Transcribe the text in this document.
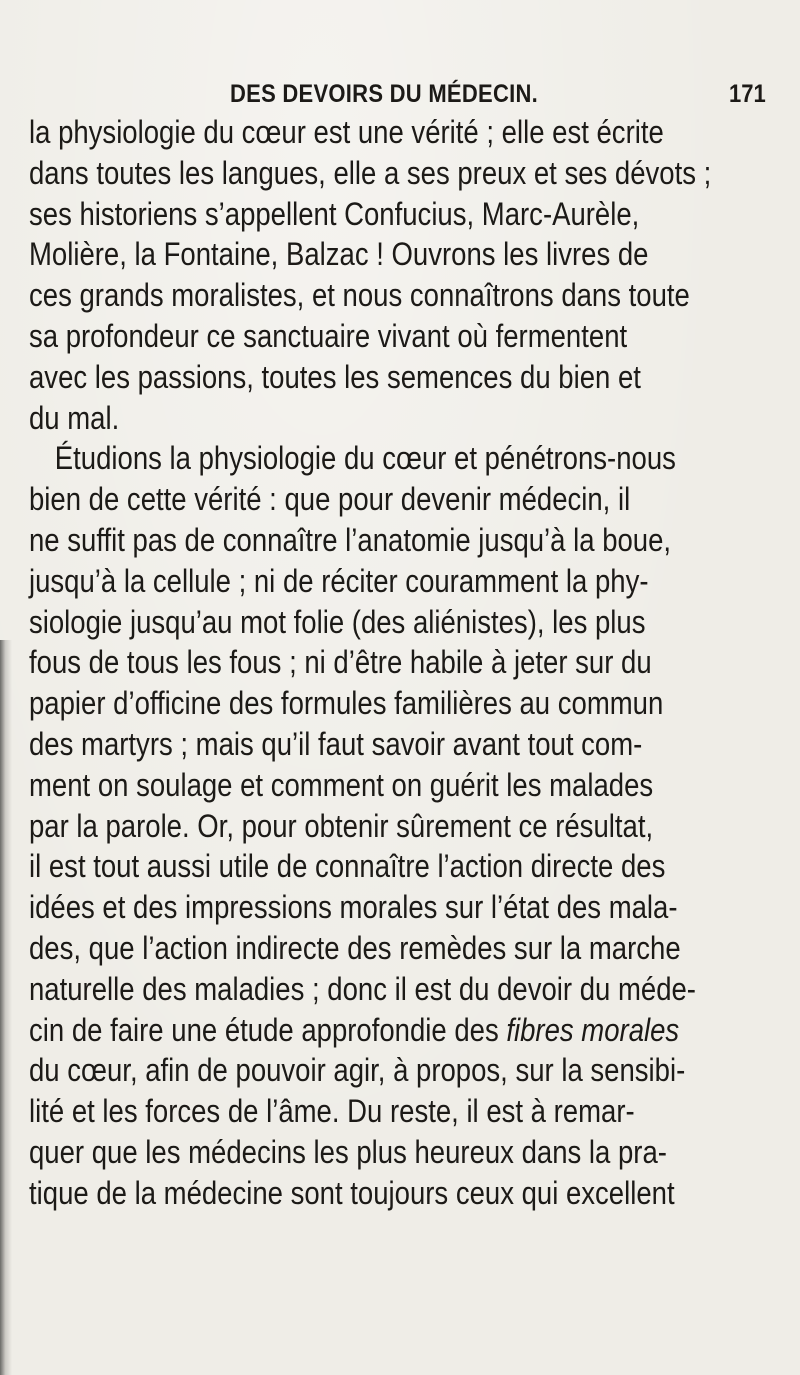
DES DEVOIRS DU MÉDECIN.	171
la physiologie du cœur est une vérité ; elle est écrite
dans toutes les langues, elle a ses preux et ses dévots ;
ses historiens s’appellent Confucius, Marc-Aurèle,
Molière, la Fontaine, Balzac ! Ouvrons les livres de
ces grands moralistes, et nous connaîtrons dans toute
sa profondeur ce sanctuaire vivant où fermentent
avec les passions, toutes les semences du bien et
du mal.
Étudions la physiologie du cœur et pénétrons-nous
bien de cette vérité : que pour devenir médecin, il
ne suffit pas de connaître l’anatomie jusqu’à la boue,
jusqu’à la cellule ; ni de réciter couramment la phy-
siologie jusqu’au mot folie (des aliénistes), les plus
fous de tous les fous ; ni d’être habile à jeter sur du
papier d’officine des formules familières au commun
des martyrs ; mais qu’il faut savoir avant tout com-
ment on soulage et comment on guérit les malades
par la parole. Or, pour obtenir sûrement ce résultat,
il est tout aussi utile de connaître l’action directe des
idées et des impressions morales sur l’état des mala-
des, que l’action indirecte des remèdes sur la marche
naturelle des maladies ; donc il est du devoir du méde-
cin de faire une étude approfondie des fibres morales
du cœur, afin de pouvoir agir, à propos, sur la sensibi-
lité et les forces de l’âme. Du reste, il est à remar-
quer que les médecins les plus heureux dans la pra-
tique de la médecine sont toujours ceux qui excellent
